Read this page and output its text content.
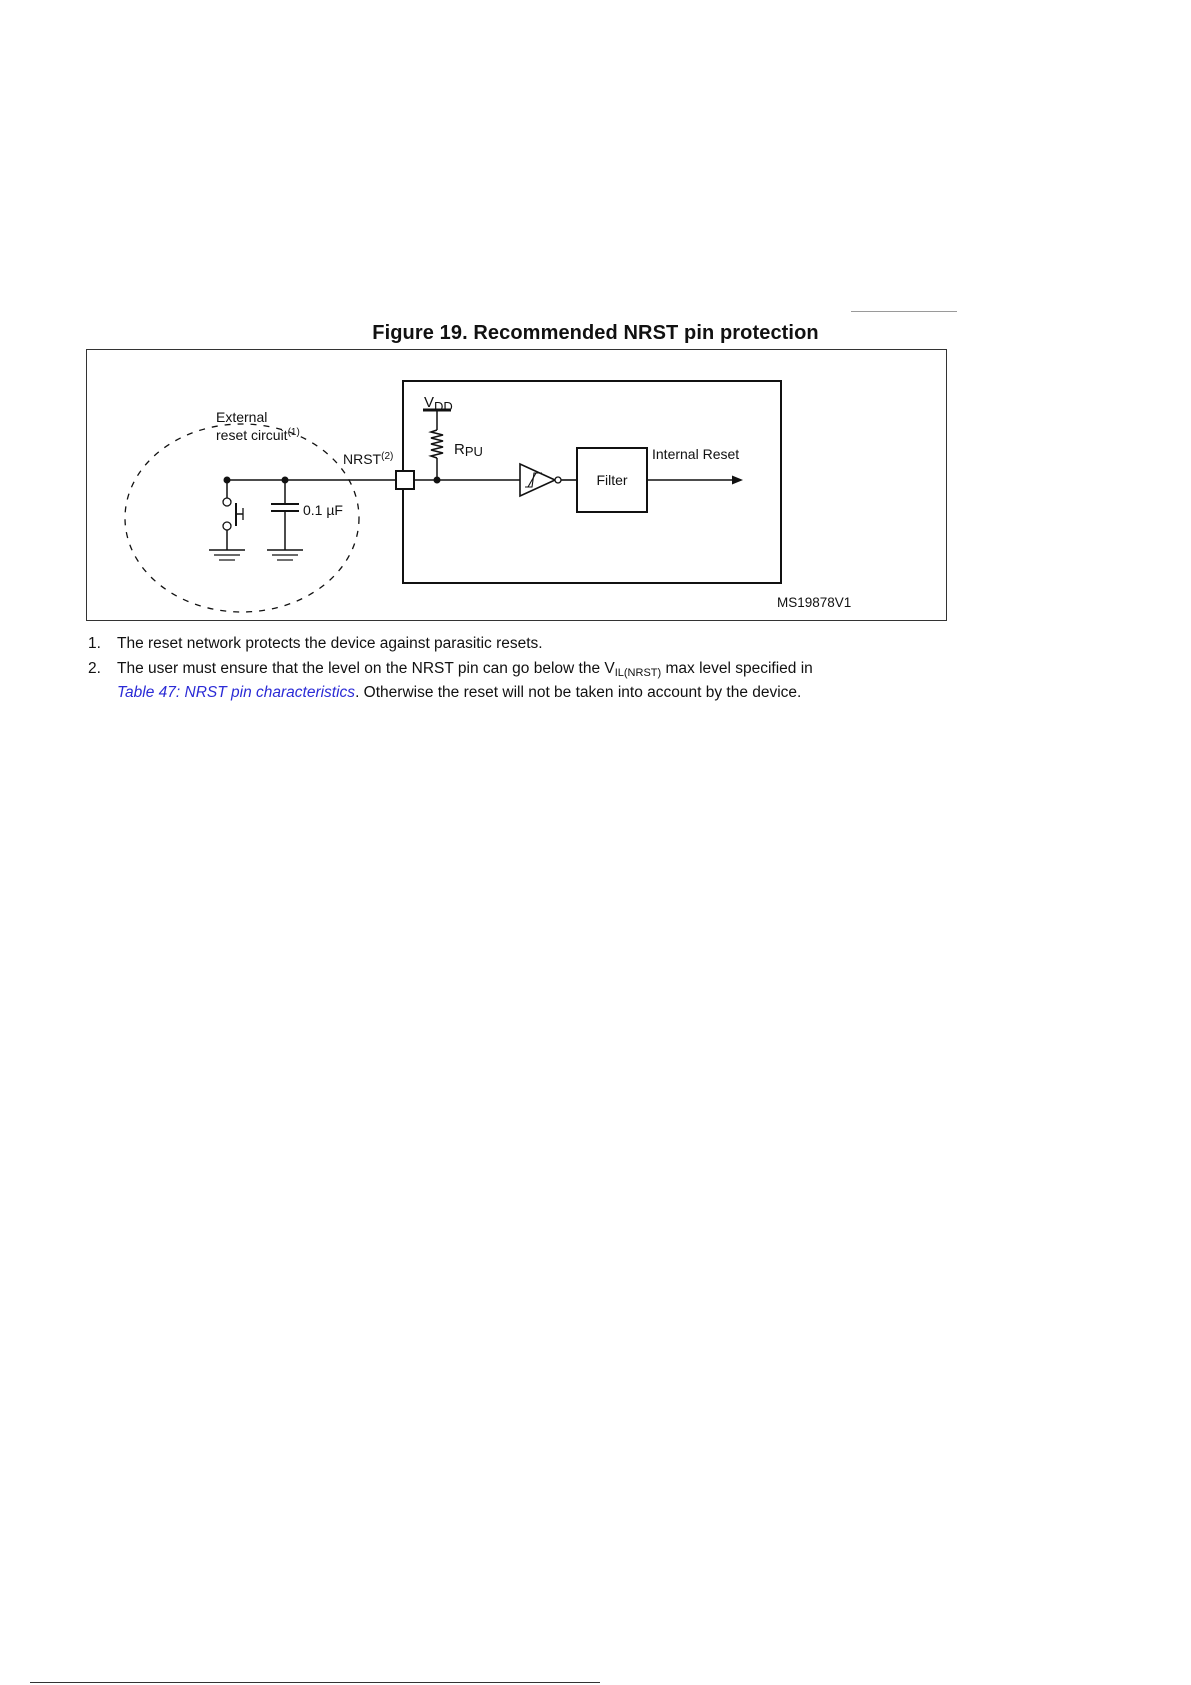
Figure 19. Recommended NRST pin protection
External
reset circuit$^{(1)}$
0.1 µF
NRST$^{(2)}$
VDD
RPU
Filter
Internal Reset
MS19878V1
1. The reset network protects the device against parasitic resets.
2. The user must ensure that the level on the NRST pin can go below the $V_{IL(NRST)}$ max level specified in
Table 47: NRST pin characteristics. Otherwise the reset will not be taken into account by the device.
